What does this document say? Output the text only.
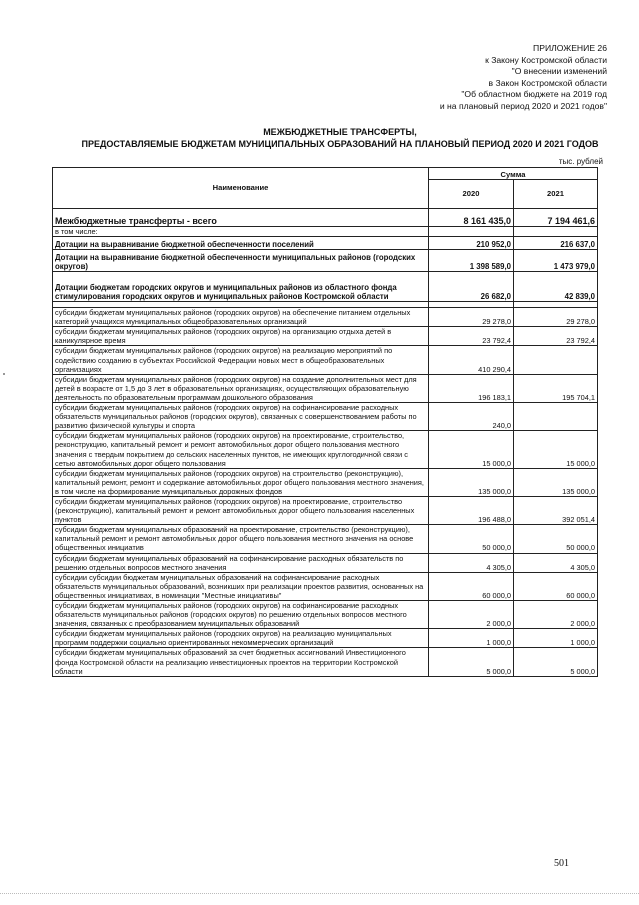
ПРИЛОЖЕНИЕ 26
к Закону Костромской области
"О внесении изменений
в Закон Костромской области
"Об областном бюджете на 2019 год
и на плановый период 2020 и 2021 годов"
МЕЖБЮДЖЕТНЫЕ ТРАНСФЕРТЫ,
ПРЕДОСТАВЛЯЕМЫЕ БЮДЖЕТАМ МУНИЦИПАЛЬНЫХ ОБРАЗОВАНИЙ НА ПЛАНОВЫЙ ПЕРИОД 2020 И 2021 ГОДОВ
тыс. рублей
Наименование	Сумма	
	2020	2021
Межбюджетные трансферты - всего	8 161 435,0	7 194 461,6
в том числе:		
Дотации на выравнивание бюджетной обеспеченности поселений	210 952,0	216 637,0
Дотации на выравнивание бюджетной обеспеченности муниципальных районов (городских округов)	1 398 589,0	1 473 979,0
Дотации бюджетам городских округов и муниципальных районов из областного фонда стимулирования городских округов и муниципальных районов Костромской области	26 682,0	42 839,0

субсидии бюджетам муниципальных районов (городских округов) на обеспечение питанием отдельных категорий учащихся муниципальных общеобразовательных организаций	29 278,0	29 278,0
субсидии бюджетам муниципальных районов (городских округов) на организацию отдыха детей в каникулярное время	23 792,4	23 792,4
субсидии бюджетам муниципальных районов (городских округов) на реализацию мероприятий по содействию созданию в субъектах Российской Федерации новых мест в общеобразовательных организациях	410 290,4	
субсидии бюджетам муниципальных районов (городских округов) на создание дополнительных мест для детей в возрасте от 1,5 до 3 лет в образовательных организациях, осуществляющих образовательную деятельность по образовательным программам дошкольного образования	196 183,1	195 704,1
субсидии бюджетам муниципальных районов (городских округов) на софинансирование расходных обязательств муниципальных районов (городских округов), связанных с совершенствованием работы по развитию физической культуры и спорта	240,0	
субсидии бюджетам муниципальных районов (городских округов) на проектирование, строительство, реконструкцию, капитальный ремонт и ремонт автомобильных дорог общего пользования местного значения с твердым покрытием до сельских населенных пунктов, не имеющих круглогодичной связи с сетью автомобильных дорог общего пользования	15 000,0	15 000,0
субсидии бюджетам муниципальных районов (городских округов) на строительство (реконструкцию), капитальный ремонт, ремонт и содержание автомобильных дорог общего пользования местного значения, в том числе на формирование муниципальных дорожных фондов	135 000,0	135 000,0
субсидии бюджетам муниципальных районов (городских округов) на проектирование, строительство (реконструкцию), капитальный ремонт и ремонт автомобильных дорог общего пользования населенных пунктов	196 488,0	392 051,4
субсидии бюджетам муниципальных образований на проектирование, строительство (реконструкцию), капитальный ремонт и ремонт автомобильных дорог общего пользования местного значения на основе общественных инициатив	50 000,0	50 000,0
субсидии бюджетам муниципальных образований на софинансирование расходных обязательств по решению отдельных вопросов местного значения	4 305,0	4 305,0
субсидии субсидии бюджетам муниципальных образований на софинансирование расходных обязательств муниципальных образований, возникших при реализации проектов развития, основанных на общественных инициативах, в номинации "Местные инициативы"	60 000,0	60 000,0
субсидии бюджетам муниципальных районов (городских округов) на софинансирование расходных обязательств муниципальных районов (городских округов) по решению отдельных вопросов местного значения, связанных с преобразованием муниципальных образований	2 000,0	2 000,0
субсидии бюджетам муниципальных районов (городских округов) на реализацию муниципальных программ поддержки социально ориентированных некоммерческих организаций	1 000,0	1 000,0
субсидии бюджетам муниципальных образований за счет бюджетных ассигнований Инвестиционного фонда Костромской области на реализацию инвестиционных проектов на территории Костромской области	5 000,0	5 000,0
501
